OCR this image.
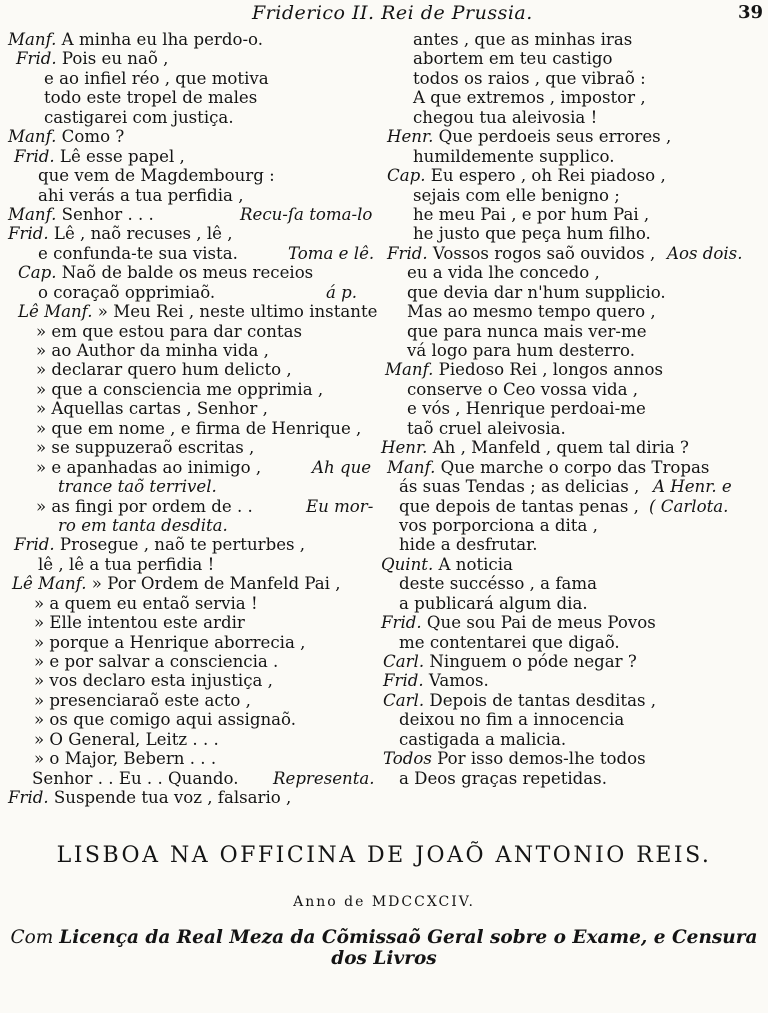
Friderico II. Rei de Prussia.	39
Manf. A minha eu lha perdo-o.
Frid. Pois eu naõ ,
e ao infiel réo , que motiva
todo este tropel de males
castigarei com justiça.
Manf. Como ?
Frid. Lê esse papel ,
que vem de Magdembourg :
ahi verás a tua perfidia ,
Manf. Senhor . . .	Recu-ſa toma-lo
Frid. Lê , naõ recuses , lê ,
e confunda-te sua vista.	Toma e lê.
Cap. Naõ de balde os meus receios
o coraçaõ opprimiaõ.	á p.
Lê Manf. » Meu Rei , neste ultimo instante
» em que estou para dar contas
» ao Author da minha vida ,
» declarar quero hum delicto ,
» que a consciencia me opprimia ,
» Aquellas cartas , Senhor ,
» que em nome , e firma de Henrique ,
» se suppuzeraõ escritas ,
» e apanhadas ao inimigo ,	Ah que
trance taõ terrivel.
» as fingi por ordem de . .	Eu mor-
ro em tanta desdita.
Frid. Prosegue , naõ te perturbes ,
lê , lê a tua perfidia !
Lê Manf. » Por Ordem de Manfeld Pai ,
» a quem eu entaõ servia !
» Elle intentou este ardir
» porque a Henrique aborrecia ,
» e por salvar a consciencia .
» vos declaro esta injustiça ,
» presenciaraõ este acto ,
» os que comigo aqui assignaõ.
» O General, Leitz . . .
» o Major, Bebern . . .
Senhor . . Eu . . Quando. Representa.
Frid. Suspende tua voz , falsario ,
antes , que as minhas iras
abortem em teu castigo
todos os raios , que vibraõ :
A que extremos , impostor ,
chegou tua aleivosia !
Henr. Que perdoeis seus errores ,
humildemente supplico.
Cap. Eu espero , oh Rei piadoso ,
sejais com elle benigno ;
he meu Pai , e por hum Pai ,
he justo que peça hum filho.
Frid. Vossos rogos saõ ouvidos , Aos dois.
eu a vida lhe concedo ,
que devia dar n'hum supplicio.
Mas ao mesmo tempo quero ,
que para nunca mais ver-me
vá logo para hum desterro.
Manf. Piedoso Rei , longos annos
conserve o Ceo vossa vida ,
e vós , Henrique perdoai-me
taõ cruel aleivosia.
Henr. Ah , Manfeld , quem tal diria ?
Manf. Que marche o corpo das Tropas
ás suas Tendas ; as delicias , A Henr. e
que depois de tantas penas , ( Carlota.
vos porporciona a dita ,
hide a desfrutar.
Quint. A noticia
deste succésso , a fama
a publicará algum dia.
Frid. Que sou Pai de meus Povos
me contentarei que digaõ.
Carl. Ninguem o póde negar ?
Frid. Vamos.
Carl. Depois de tantas desditas ,
deixou no fim a innocencia
castigada a malicia.
Todos Por isso demos-lhe todos
a Deos graças repetidas.
LISBOA NA OFFICINA DE JOAÕ ANTONIO REIS.
Anno de MDCCXCIV.
Com Licença da Real Meza da Cõmissaõ Geral sobre o Exame, e Censura dos Livros
